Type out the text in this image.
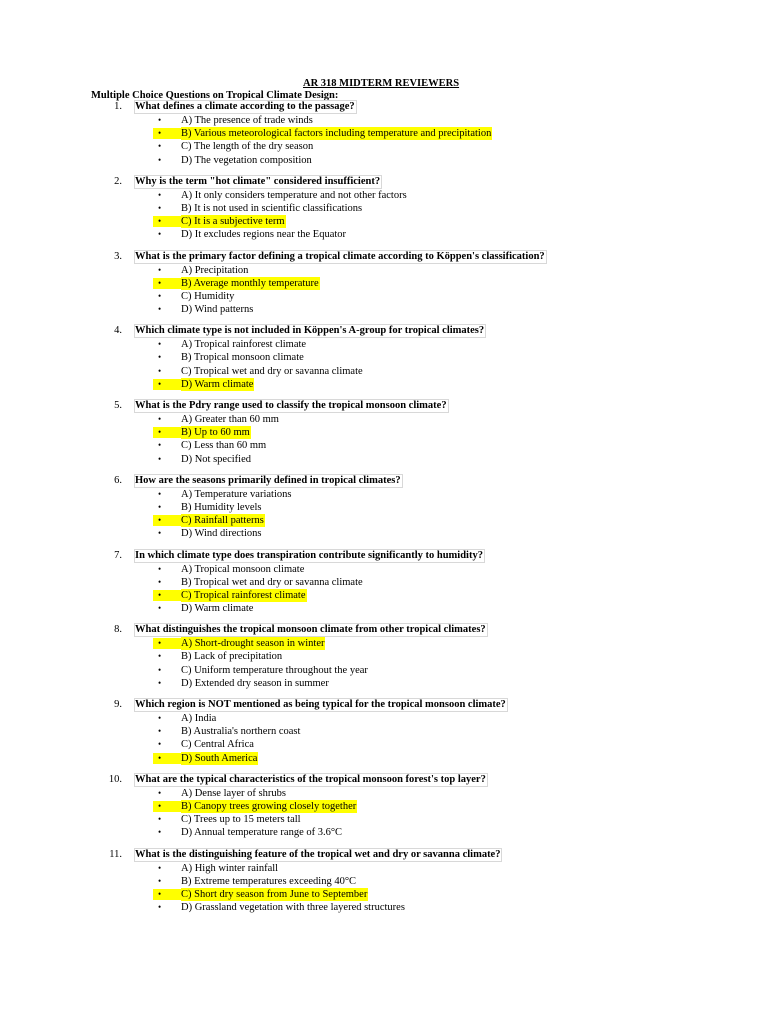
AR 318 MIDTERM REVIEWERS
Multiple Choice Questions on Tropical Climate Design:
1. What defines a climate according to the passage?
• A) The presence of trade winds
• B) Various meteorological factors including temperature and precipitation
• C) The length of the dry season
• D) The vegetation composition
2. Why is the term "hot climate" considered insufficient?
• A) It only considers temperature and not other factors
• B) It is not used in scientific classifications
• C) It is a subjective term
• D) It excludes regions near the Equator
3. What is the primary factor defining a tropical climate according to Köppen's classification?
• A) Precipitation
• B) Average monthly temperature
• C) Humidity
• D) Wind patterns
4. Which climate type is not included in Köppen's A-group for tropical climates?
• A) Tropical rainforest climate
• B) Tropical monsoon climate
• C) Tropical wet and dry or savanna climate
• D) Warm climate
5. What is the Pdry range used to classify the tropical monsoon climate?
• A) Greater than 60 mm
• B) Up to 60 mm
• C) Less than 60 mm
• D) Not specified
6. How are the seasons primarily defined in tropical climates?
• A) Temperature variations
• B) Humidity levels
• C) Rainfall patterns
• D) Wind directions
7. In which climate type does transpiration contribute significantly to humidity?
• A) Tropical monsoon climate
• B) Tropical wet and dry or savanna climate
• C) Tropical rainforest climate
• D) Warm climate
8. What distinguishes the tropical monsoon climate from other tropical climates?
• A) Short-drought season in winter
• B) Lack of precipitation
• C) Uniform temperature throughout the year
• D) Extended dry season in summer
9. Which region is NOT mentioned as being typical for the tropical monsoon climate?
• A) India
• B) Australia's northern coast
• C) Central Africa
• D) South America
10. What are the typical characteristics of the tropical monsoon forest's top layer?
• A) Dense layer of shrubs
• B) Canopy trees growing closely together
• C) Trees up to 15 meters tall
• D) Annual temperature range of 3.6°C
11. What is the distinguishing feature of the tropical wet and dry or savanna climate?
• A) High winter rainfall
• B) Extreme temperatures exceeding 40°C
• C) Short dry season from June to September
• D) Grassland vegetation with three layered structures
